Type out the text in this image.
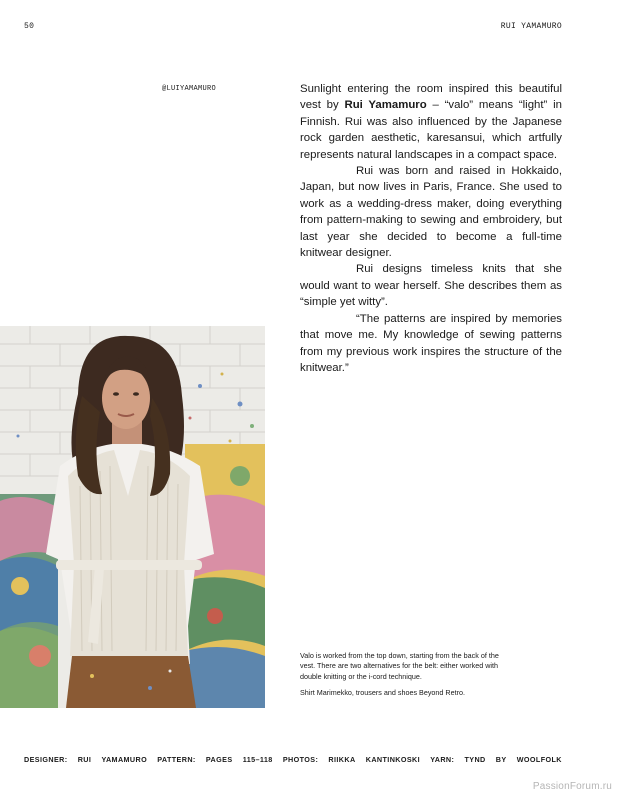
50	RUI YAMAMURO
@LUIYAMAMURO	Sunlight entering the room inspired this beautiful vest by Rui Yamamuro – “valo” means “light” in Finnish. Rui was also influenced by the Japanese rock garden aesthetic, karesansui, which artfully represents natural landscapes in a compact space.

Rui was born and raised in Hokkaido, Japan, but now lives in Paris, France. She used to work as a wedding-dress maker, doing everything from pattern-making to sewing and embroidery, but last year she decided to become a full-time knitwear designer.

Rui designs timeless knits that she would want to wear herself. She describes them as “simple yet witty”.

“The patterns are inspired by memories that move me. My knowledge of sewing patterns from my previous work inspires the structure of the knitwear.”

Valo is worked from the top down, starting from the back of the vest. There are two alternatives for the belt: either worked with double knitting or the i-cord technique.

Shirt Marimekko, trousers and shoes Beyond Retro.

DESIGNER: RUI YAMAMURO PATTERN: PAGES 115–118 PHOTOS: RIIKKA KANTINKOSKI YARN: TYND BY WOOLFOLK
PassionForum.ru
